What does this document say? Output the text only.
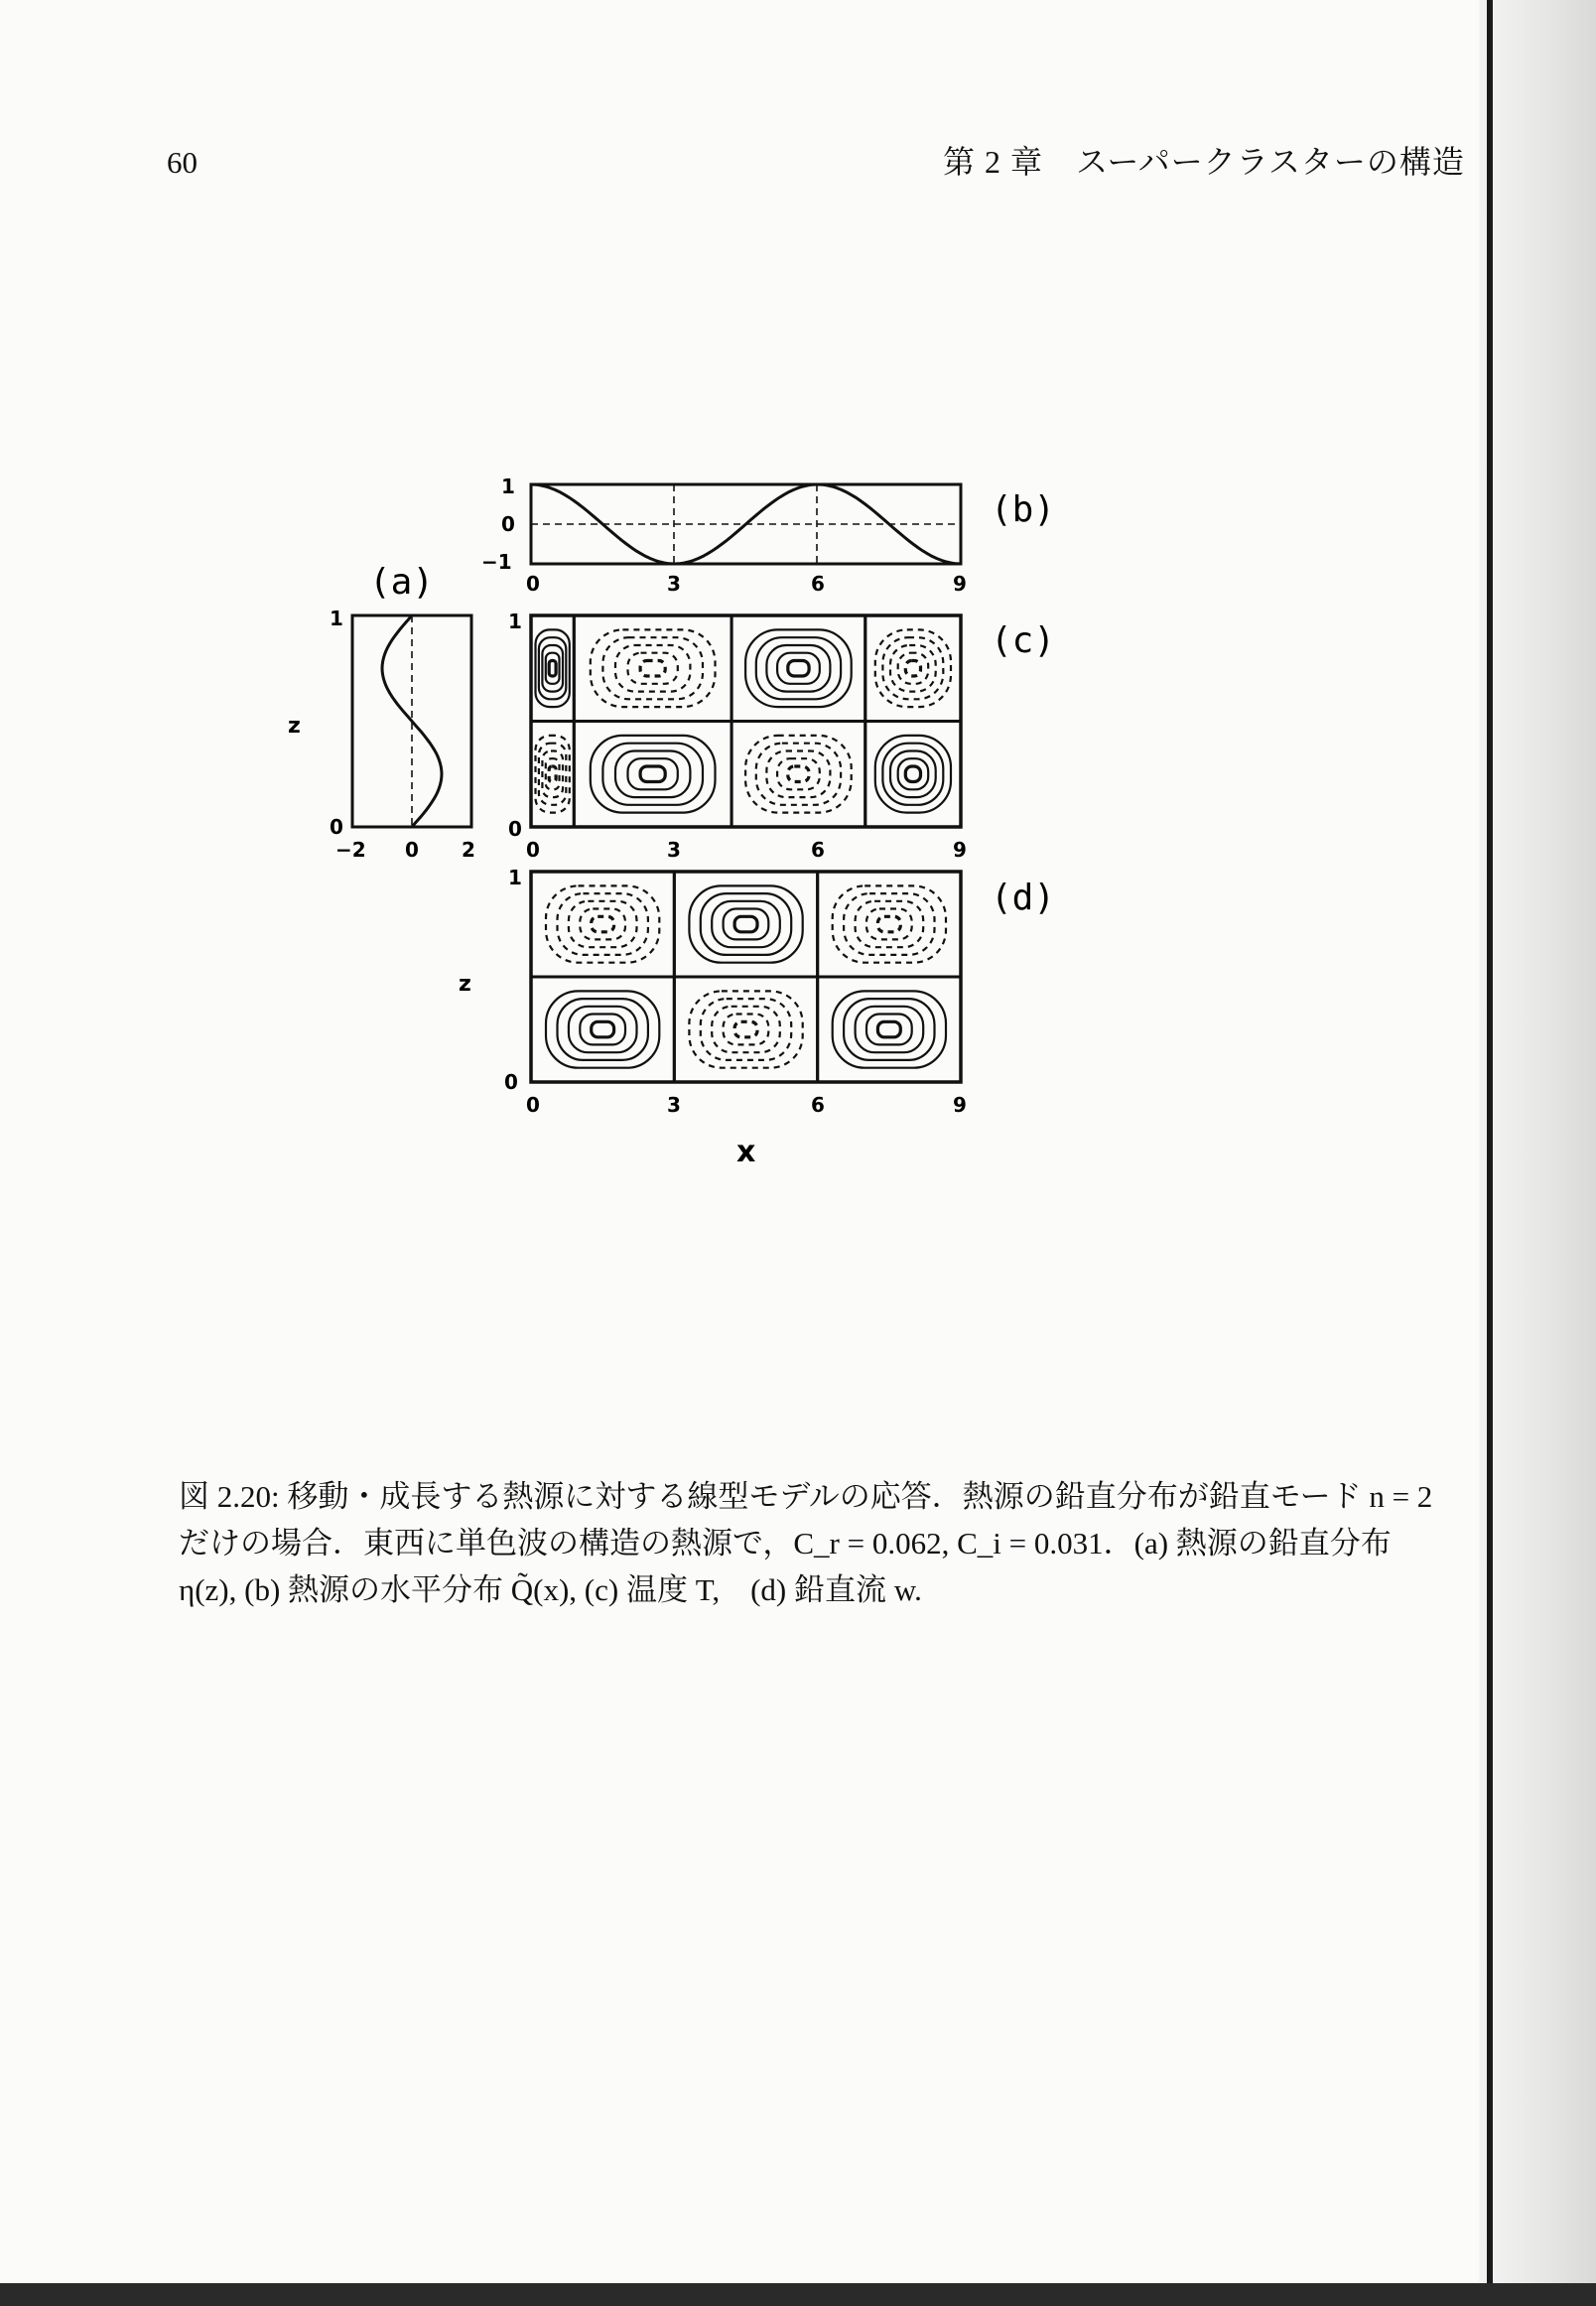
60	第 2 章　スーパークラスターの構造
(a)
z
1
0
−2 0 2
(b)
1
0
−1
0	3	6	9
(c)
1
0
0	3	6	9
(d)
z
1
0
0	3	6	9
x
図 2.20: 移動・成長する熱源に対する線型モデルの応答．熱源の鉛直分布が鉛直モード n = 2
だけの場合．東西に単色波の構造の熱源で，C_r = 0.062, C_i = 0.031．(a) 熱源の鉛直分布
η(z), (b) 熱源の水平分布 Q̃(x), (c) 温度 T,　(d) 鉛直流 w.
